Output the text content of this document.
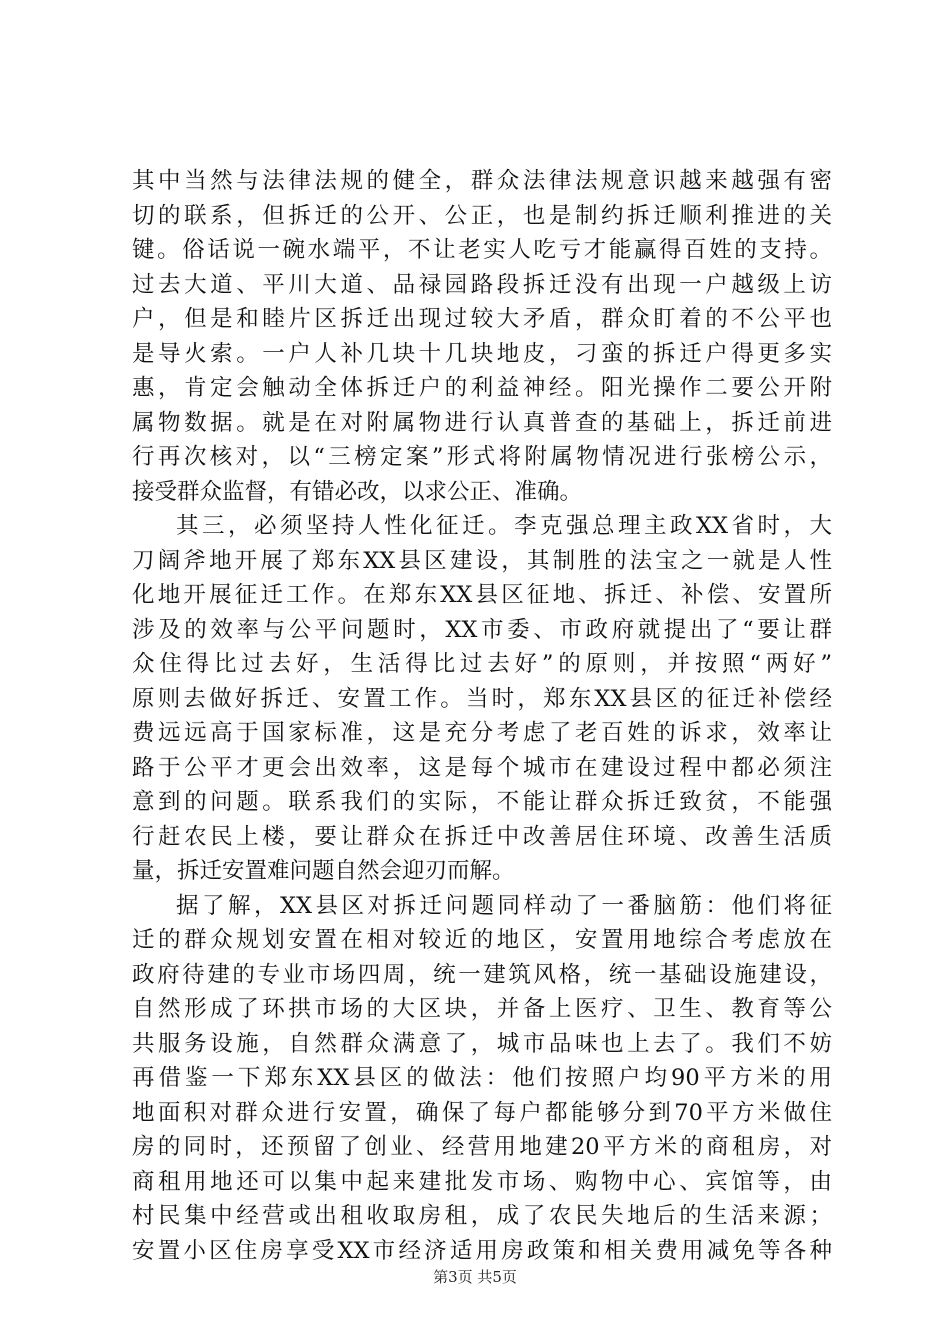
其中当然与法律法规的健全，群众法律法规意识越来越强有密
切的联系，但拆迁的公开、公正，也是制约拆迁顺利推进的关
键。俗话说一碗水端平，不让老实人吃亏才能赢得百姓的支持。
过去大道、平川大道、品禄园路段拆迁没有出现一户越级上访
户，但是和睦片区拆迁出现过较大矛盾，群众盯着的不公平也
是导火索。一户人补几块十几块地皮，刁蛮的拆迁户得更多实
惠，肯定会触动全体拆迁户的利益神经。阳光操作二要公开附
属物数据。就是在对附属物进行认真普查的基础上，拆迁前进
行再次核对，以“三榜定案”形式将附属物情况进行张榜公示，
接受群众监督，有错必改，以求公正、准确。
其三，必须坚持人性化征迁。李克强总理主政XX省时，大
刀阔斧地开展了郑东XX县区建设，其制胜的法宝之一就是人性
化地开展征迁工作。在郑东XX县区征地、拆迁、补偿、安置所
涉及的效率与公平问题时，XX市委、市政府就提出了“要让群
众住得比过去好，生活得比过去好”的原则，并按照“两好”
原则去做好拆迁、安置工作。当时，郑东XX县区的征迁补偿经
费远远高于国家标准，这是充分考虑了老百姓的诉求，效率让
路于公平才更会出效率，这是每个城市在建设过程中都必须注
意到的问题。联系我们的实际，不能让群众拆迁致贫，不能强
行赶农民上楼，要让群众在拆迁中改善居住环境、改善生活质
量，拆迁安置难问题自然会迎刃而解。
据了解，XX县区对拆迁问题同样动了一番脑筋：他们将征
迁的群众规划安置在相对较近的地区，安置用地综合考虑放在
政府待建的专业市场四周，统一建筑风格，统一基础设施建设，
自然形成了环拱市场的大区块，并备上医疗、卫生、教育等公
共服务设施，自然群众满意了，城市品味也上去了。我们不妨
再借鉴一下郑东XX县区的做法：他们按照户均90平方米的用
地面积对群众进行安置，确保了每户都能够分到70平方米做住
房的同时，还预留了创业、经营用地建20平方米的商租房，对
商租用地还可以集中起来建批发市场、购物中心、宾馆等，由
村民集中经营或出租收取房租，成了农民失地后的生活来源；
安置小区住房享受XX市经济适用房政策和相关费用减免等各种
第3页 共5页
